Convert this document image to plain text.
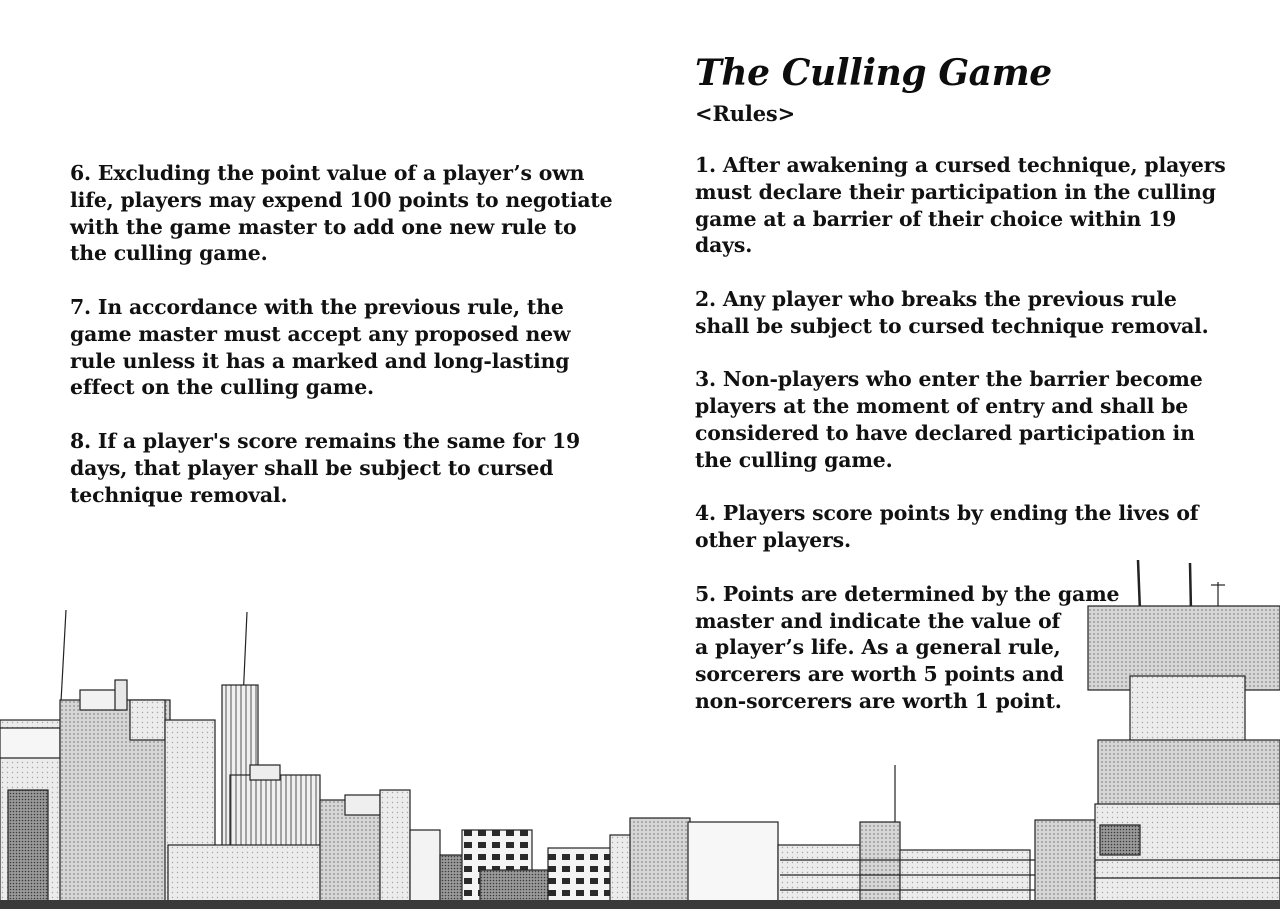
The Culling Game
<Rules>

1. After awakening a cursed technique, players
must declare their participation in the culling
game at a barrier of their choice within 19
days.

2. Any player who breaks the previous rule
shall be subject to cursed technique removal.

3. Non-players who enter the barrier become
players at the moment of entry and shall be
considered to have declared participation in
the culling game.

4. Players score points by ending the lives of
other players.

5. Points are determined by the game
master and indicate the value of
a player’s life. As a general rule,
sorcerers are worth 5 points and
non-sorcerers are worth 1 point.

6. Excluding the point value of a player’s own
life, players may expend 100 points to negotiate
with the game master to add one new rule to
the culling game.

7. In accordance with the previous rule, the
game master must accept any proposed new
rule unless it has a marked and long-lasting
effect on the culling game.

8. If a player's score remains the same for 19
days, that player shall be subject to cursed
technique removal.
